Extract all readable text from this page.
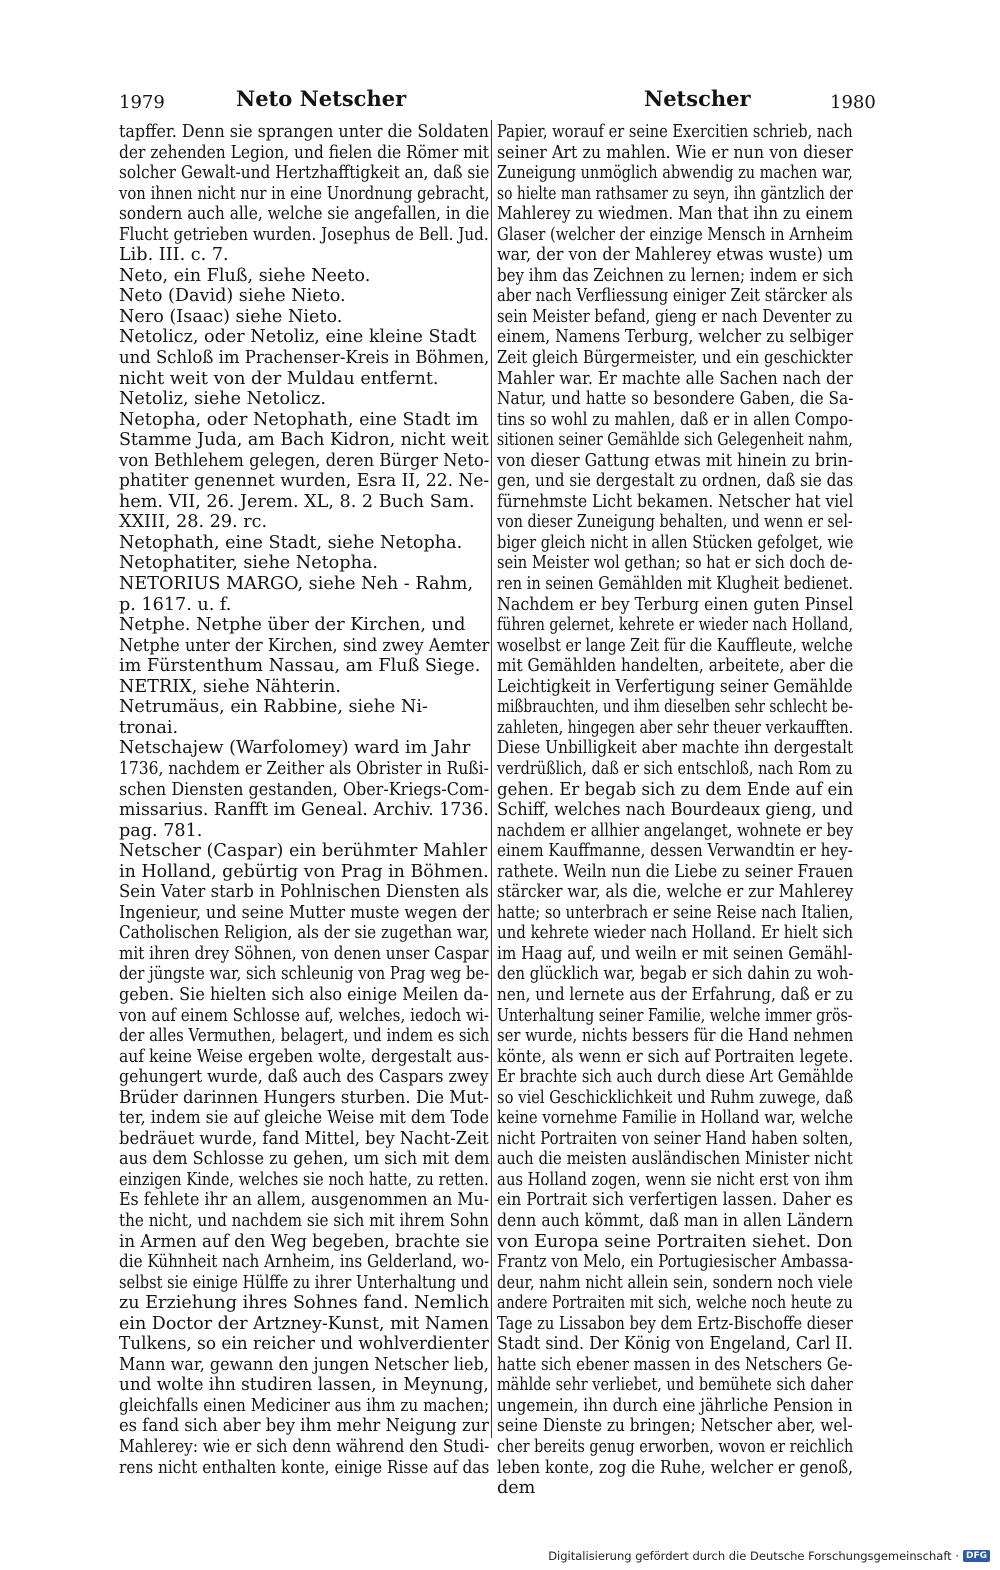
1979	Neto Netscher	Netscher	1980
tapffer. Denn sie sprangen unter die Soldaten
der zehenden Legion, und fielen die Römer mit
solcher Gewalt-und Hertzhafftigkeit an, daß sie
von ihnen nicht nur in eine Unordnung gebracht,
sondern auch alle, welche sie angefallen, in die
Flucht getrieben wurden. Josephus de Bell. Jud.
Lib. III. c. 7.
Neto, ein Fluß, siehe Neeto.
Neto (David) siehe Nieto.
Nero (Isaac) siehe Nieto.
Netolicz, oder Netoliz, eine kleine Stadt
und Schloß im Prachenser-Kreis in Böhmen,
nicht weit von der Muldau entfernt.
Netoliz, siehe Netolicz.
Netopha, oder Netophath, eine Stadt im
Stamme Juda, am Bach Kidron, nicht weit
von Bethlehem gelegen, deren Bürger Neto-
phatiter genennet wurden, Esra II, 22. Ne-
hem. VII, 26. Jerem. XL, 8. 2 Buch Sam.
XXIII, 28. 29. rc.
Netophath, eine Stadt, siehe Netopha.
Netophatiter, siehe Netopha.
NETORIUS MARGO, siehe Neh - Rahm,
p. 1617. u. f.
Netphe. Netphe über der Kirchen, und
Netphe unter der Kirchen, sind zwey Aemter
im Fürstenthum Nassau, am Fluß Siege.
NETRIX, siehe Nähterin.
Netrumäus, ein Rabbine, siehe Ni-
tronai.
Netschajew (Warfolomey) ward im Jahr
1736, nachdem er Zeither als Obrister in Rußi-
schen Diensten gestanden, Ober-Kriegs-Com-
missarius. Ranfft im Geneal. Archiv. 1736.
pag. 781.
Netscher (Caspar) ein berühmter Mahler
in Holland, gebürtig von Prag in Böhmen.
Sein Vater starb in Pohlnischen Diensten als
Ingenieur, und seine Mutter muste wegen der
Catholischen Religion, als der sie zugethan war,
mit ihren drey Söhnen, von denen unser Caspar
der jüngste war, sich schleunig von Prag weg be-
geben. Sie hielten sich also einige Meilen da-
von auf einem Schlosse auf, welches, iedoch wi-
der alles Vermuthen, belagert, und indem es sich
auf keine Weise ergeben wolte, dergestalt aus-
gehungert wurde, daß auch des Caspars zwey
Brüder darinnen Hungers sturben. Die Mut-
ter, indem sie auf gleiche Weise mit dem Tode
bedräuet wurde, fand Mittel, bey Nacht-Zeit
aus dem Schlosse zu gehen, um sich mit dem
einzigen Kinde, welches sie noch hatte, zu retten.
Es fehlete ihr an allem, ausgenommen an Mu-
the nicht, und nachdem sie sich mit ihrem Sohn
in Armen auf den Weg begeben, brachte sie
die Kühnheit nach Arnheim, ins Gelderland, wo-
selbst sie einige Hülffe zu ihrer Unterhaltung und
zu Erziehung ihres Sohnes fand. Nemlich
ein Doctor der Artzney-Kunst, mit Namen
Tulkens, so ein reicher und wohlverdienter
Mann war, gewann den jungen Netscher lieb,
und wolte ihn studiren lassen, in Meynung,
gleichfalls einen Mediciner aus ihm zu machen;
es fand sich aber bey ihm mehr Neigung zur
Mahlerey: wie er sich denn während den Studi-
rens nicht enthalten konte, einige Risse auf das
Papier, worauf er seine Exercitien schrieb, nach
seiner Art zu mahlen. Wie er nun von dieser
Zuneigung unmöglich abwendig zu machen war,
so hielte man rathsamer zu seyn, ihn gäntzlich der
Mahlerey zu wiedmen. Man that ihn zu einem
Glaser (welcher der einzige Mensch in Arnheim
war, der von der Mahlerey etwas wuste) um
bey ihm das Zeichnen zu lernen; indem er sich
aber nach Verfliessung einiger Zeit stärcker als
sein Meister befand, gieng er nach Deventer zu
einem, Namens Terburg, welcher zu selbiger
Zeit gleich Bürgermeister, und ein geschickter
Mahler war. Er machte alle Sachen nach der
Natur, und hatte so besondere Gaben, die Sa-
tins so wohl zu mahlen, daß er in allen Compo-
sitionen seiner Gemählde sich Gelegenheit nahm,
von dieser Gattung etwas mit hinein zu brin-
gen, und sie dergestalt zu ordnen, daß sie das
fürnehmste Licht bekamen. Netscher hat viel
von dieser Zuneigung behalten, und wenn er sel-
biger gleich nicht in allen Stücken gefolget, wie
sein Meister wol gethan; so hat er sich doch de-
ren in seinen Gemählden mit Klugheit bedienet.
Nachdem er bey Terburg einen guten Pinsel
führen gelernet, kehrete er wieder nach Holland,
woselbst er lange Zeit für die Kauffleute, welche
mit Gemählden handelten, arbeitete, aber die
Leichtigkeit in Verfertigung seiner Gemählde
mißbrauchten, und ihm dieselben sehr schlecht be-
zahleten, hingegen aber sehr theuer verkaufften.
Diese Unbilligkeit aber machte ihn dergestalt
verdrüßlich, daß er sich entschloß, nach Rom zu
gehen. Er begab sich zu dem Ende auf ein
Schiff, welches nach Bourdeaux gieng, und
nachdem er allhier angelanget, wohnete er bey
einem Kauffmanne, dessen Verwandtin er hey-
rathete. Weiln nun die Liebe zu seiner Frauen
stärcker war, als die, welche er zur Mahlerey
hatte; so unterbrach er seine Reise nach Italien,
und kehrete wieder nach Holland. Er hielt sich
im Haag auf, und weiln er mit seinen Gemähl-
den glücklich war, begab er sich dahin zu woh-
nen, und lernete aus der Erfahrung, daß er zu
Unterhaltung seiner Familie, welche immer grös-
ser wurde, nichts bessers für die Hand nehmen
könte, als wenn er sich auf Portraiten legete.
Er brachte sich auch durch diese Art Gemählde
so viel Geschicklichkeit und Ruhm zuwege, daß
keine vornehme Familie in Holland war, welche
nicht Portraiten von seiner Hand haben solten,
auch die meisten ausländischen Minister nicht
aus Holland zogen, wenn sie nicht erst von ihm
ein Portrait sich verfertigen lassen. Daher es
denn auch kömmt, daß man in allen Ländern
von Europa seine Portraiten siehet. Don
Frantz von Melo, ein Portugiesischer Ambassa-
deur, nahm nicht allein sein, sondern noch viele
andere Portraiten mit sich, welche noch heute zu
Tage zu Lissabon bey dem Ertz-Bischoffe dieser
Stadt sind. Der König von Engeland, Carl II.
hatte sich ebener massen in des Netschers Ge-
mählde sehr verliebet, und bemühete sich daher
ungemein, ihn durch eine jährliche Pension in
seine Dienste zu bringen; Netscher aber, wel-
cher bereits genug erworben, wovon er reichlich
leben konte, zog die Ruhe, welcher er genoß,
dem
Digitalisierung gefördert durch die Deutsche Forschungsgemeinschaft · DFG
